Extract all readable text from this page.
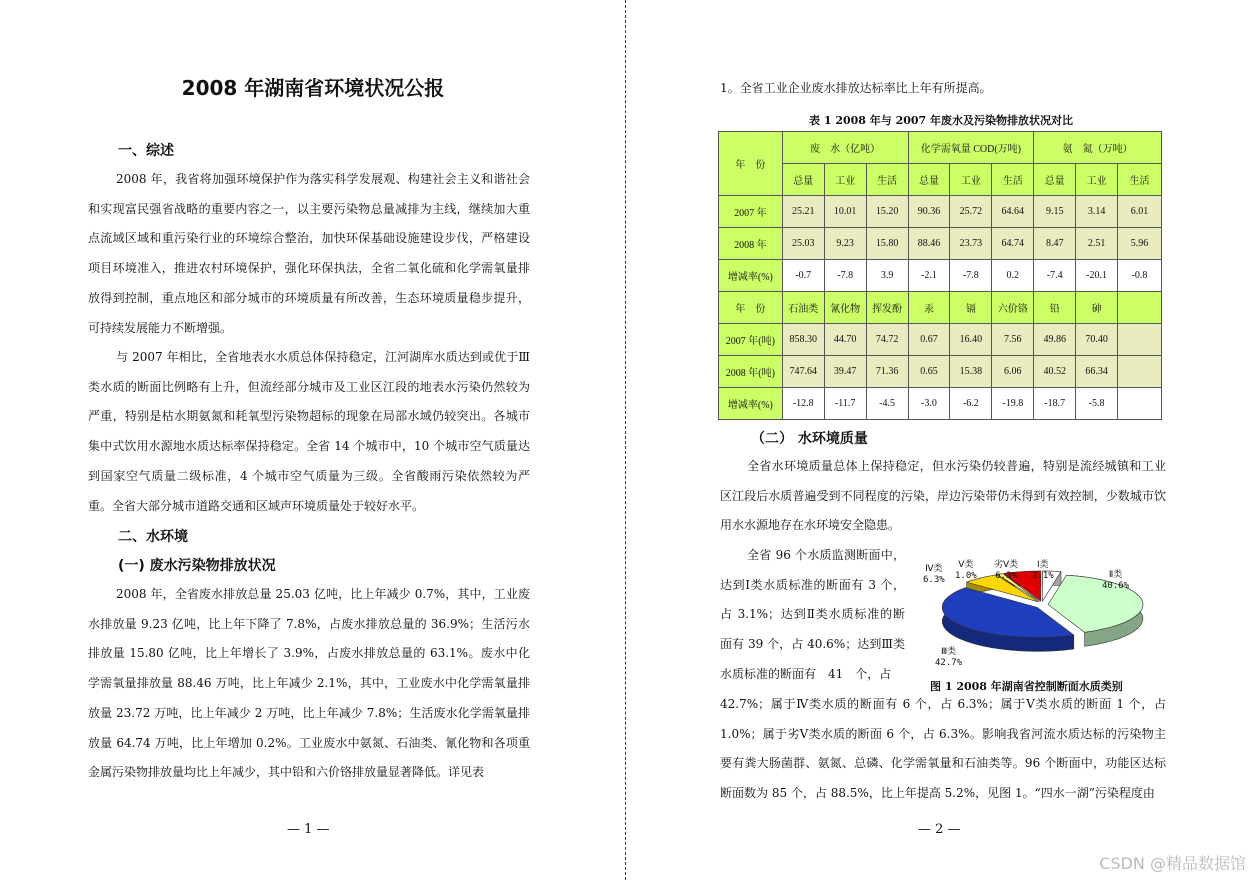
2008 年湖南省环境状况公报
一、综述
2008 年，我省将加强环境保护作为落实科学发展观、构建社会主义和谐社会和实现富民强省战略的重要内容之一，以主要污染物总量减排为主线，继续加大重点流域区域和重污染行业的环境综合整治，加快环保基础设施建设步伐，严格建设项目环境准入，推进农村环境保护，强化环保执法，全省二氧化硫和化学需氧量排放得到控制，重点地区和部分城市的环境质量有所改善，生态环境质量稳步提升，可持续发展能力不断增强。
与 2007 年相比，全省地表水水质总体保持稳定，江河湖库水质达到或优于Ⅲ类水质的断面比例略有上升，但流经部分城市及工业区江段的地表水污染仍然较为严重，特别是枯水期氨氮和耗氧型污染物超标的现象在局部水域仍较突出。各城市集中式饮用水源地水质达标率保持稳定。全省 14 个城市中，10 个城市空气质量达到国家空气质量二级标准，4 个城市空气质量为三级。全省酸雨污染依然较为严重。全省大部分城市道路交通和区域声环境质量处于较好水平。
二、水环境
(一) 废水污染物排放状况
2008 年，全省废水排放总量 25.03 亿吨，比上年减少 0.7%，其中，工业废水排放量 9.23 亿吨，比上年下降了 7.8%，占废水排放总量的 36.9%；生活污水排放量 15.80 亿吨，比上年增长了 3.9%，占废水排放总量的 63.1%。废水中化学需氧量排放量 88.46 万吨，比上年减少 2.1%，其中，工业废水中化学需氧量排放量 23.72 万吨，比上年减少 2 万吨，比上年减少 7.8%；生活废水化学需氧量排放量 64.74 万吨，比上年增加 0.2%。工业废水中氨氮、石油类、氰化物和各项重金属污染物排放量均比上年减少，其中铅和六价铬排放量显著降低。详见表
— 1 —
1。全省工业企业废水排放达标率比上年有所提高。
表 1 2008 年与 2007 年废水及污染物排放状况对比
年　份	废　水（亿吨）			化学需氧量 COD(万吨)			氨　氮（万吨）		
	总量	工业	生活	总量	工业	生活	总量	工业	生活
2007 年	25.21	10.01	15.20	90.36	25.72	64.64	9.15	3.14	6.01
2008 年	25.03	9.23	15.80	88.46	23.73	64.74	8.47	2.51	5.96
增减率(%)	-0.7	-7.8	3.9	-2.1	-7.8	0.2	-7.4	-20.1	-0.8
年　份	石油类	氰化物	挥发酚	汞	镉	六价铬	铅	砷	
2007 年(吨)	858.30	44.70	74.72	0.67	16.40	7.56	49.86	70.40	
2008 年(吨)	747.64	39.47	71.36	0.65	15.38	6.06	40.52	66.34	
增减率(%)	-12.8	-11.7	-4.5	-3.0	-6.2	-19.8	-18.7	-5.8	
（二） 水环境质量
全省水环境质量总体上保持稳定，但水污染仍较普遍，特别是流经城镇和工业区江段后水质普遍受到不同程度的污染，岸边污染带仍未得到有效控制，少数城市饮用水水源地存在水环境安全隐患。
全省 96 个水质监测断面中，达到Ⅰ类水质标准的断面有 3 个，占 3.1%；达到Ⅱ类水质标准的断面有 39 个，占 40.6%；达到Ⅲ类水质标准的断面有　41　个，占
42.7%；属于Ⅳ类水质的断面有 6 个，占 6.3%；属于Ⅴ类水质的断面 1 个，占 1.0%；属于劣Ⅴ类水质的断面 6 个，占 6.3%。影响我省河流水质达标的污染物主要有粪大肠菌群、氨氮、总磷、化学需氧量和石油类等。96 个断面中，功能区达标断面数为 85 个，占 88.5%，比上年提高 5.2%，见图 1。“四水一湖”污染程度由
Ⅳ类
6.3%
Ⅴ类
1.0%
劣Ⅴ类
6.3%
Ⅰ类
3.1%	Ⅱ类
40.6%
Ⅲ类
42.7%
图 1 2008 年湖南省控制断面水质类别
— 2 —
CSDN @精品数据馆
